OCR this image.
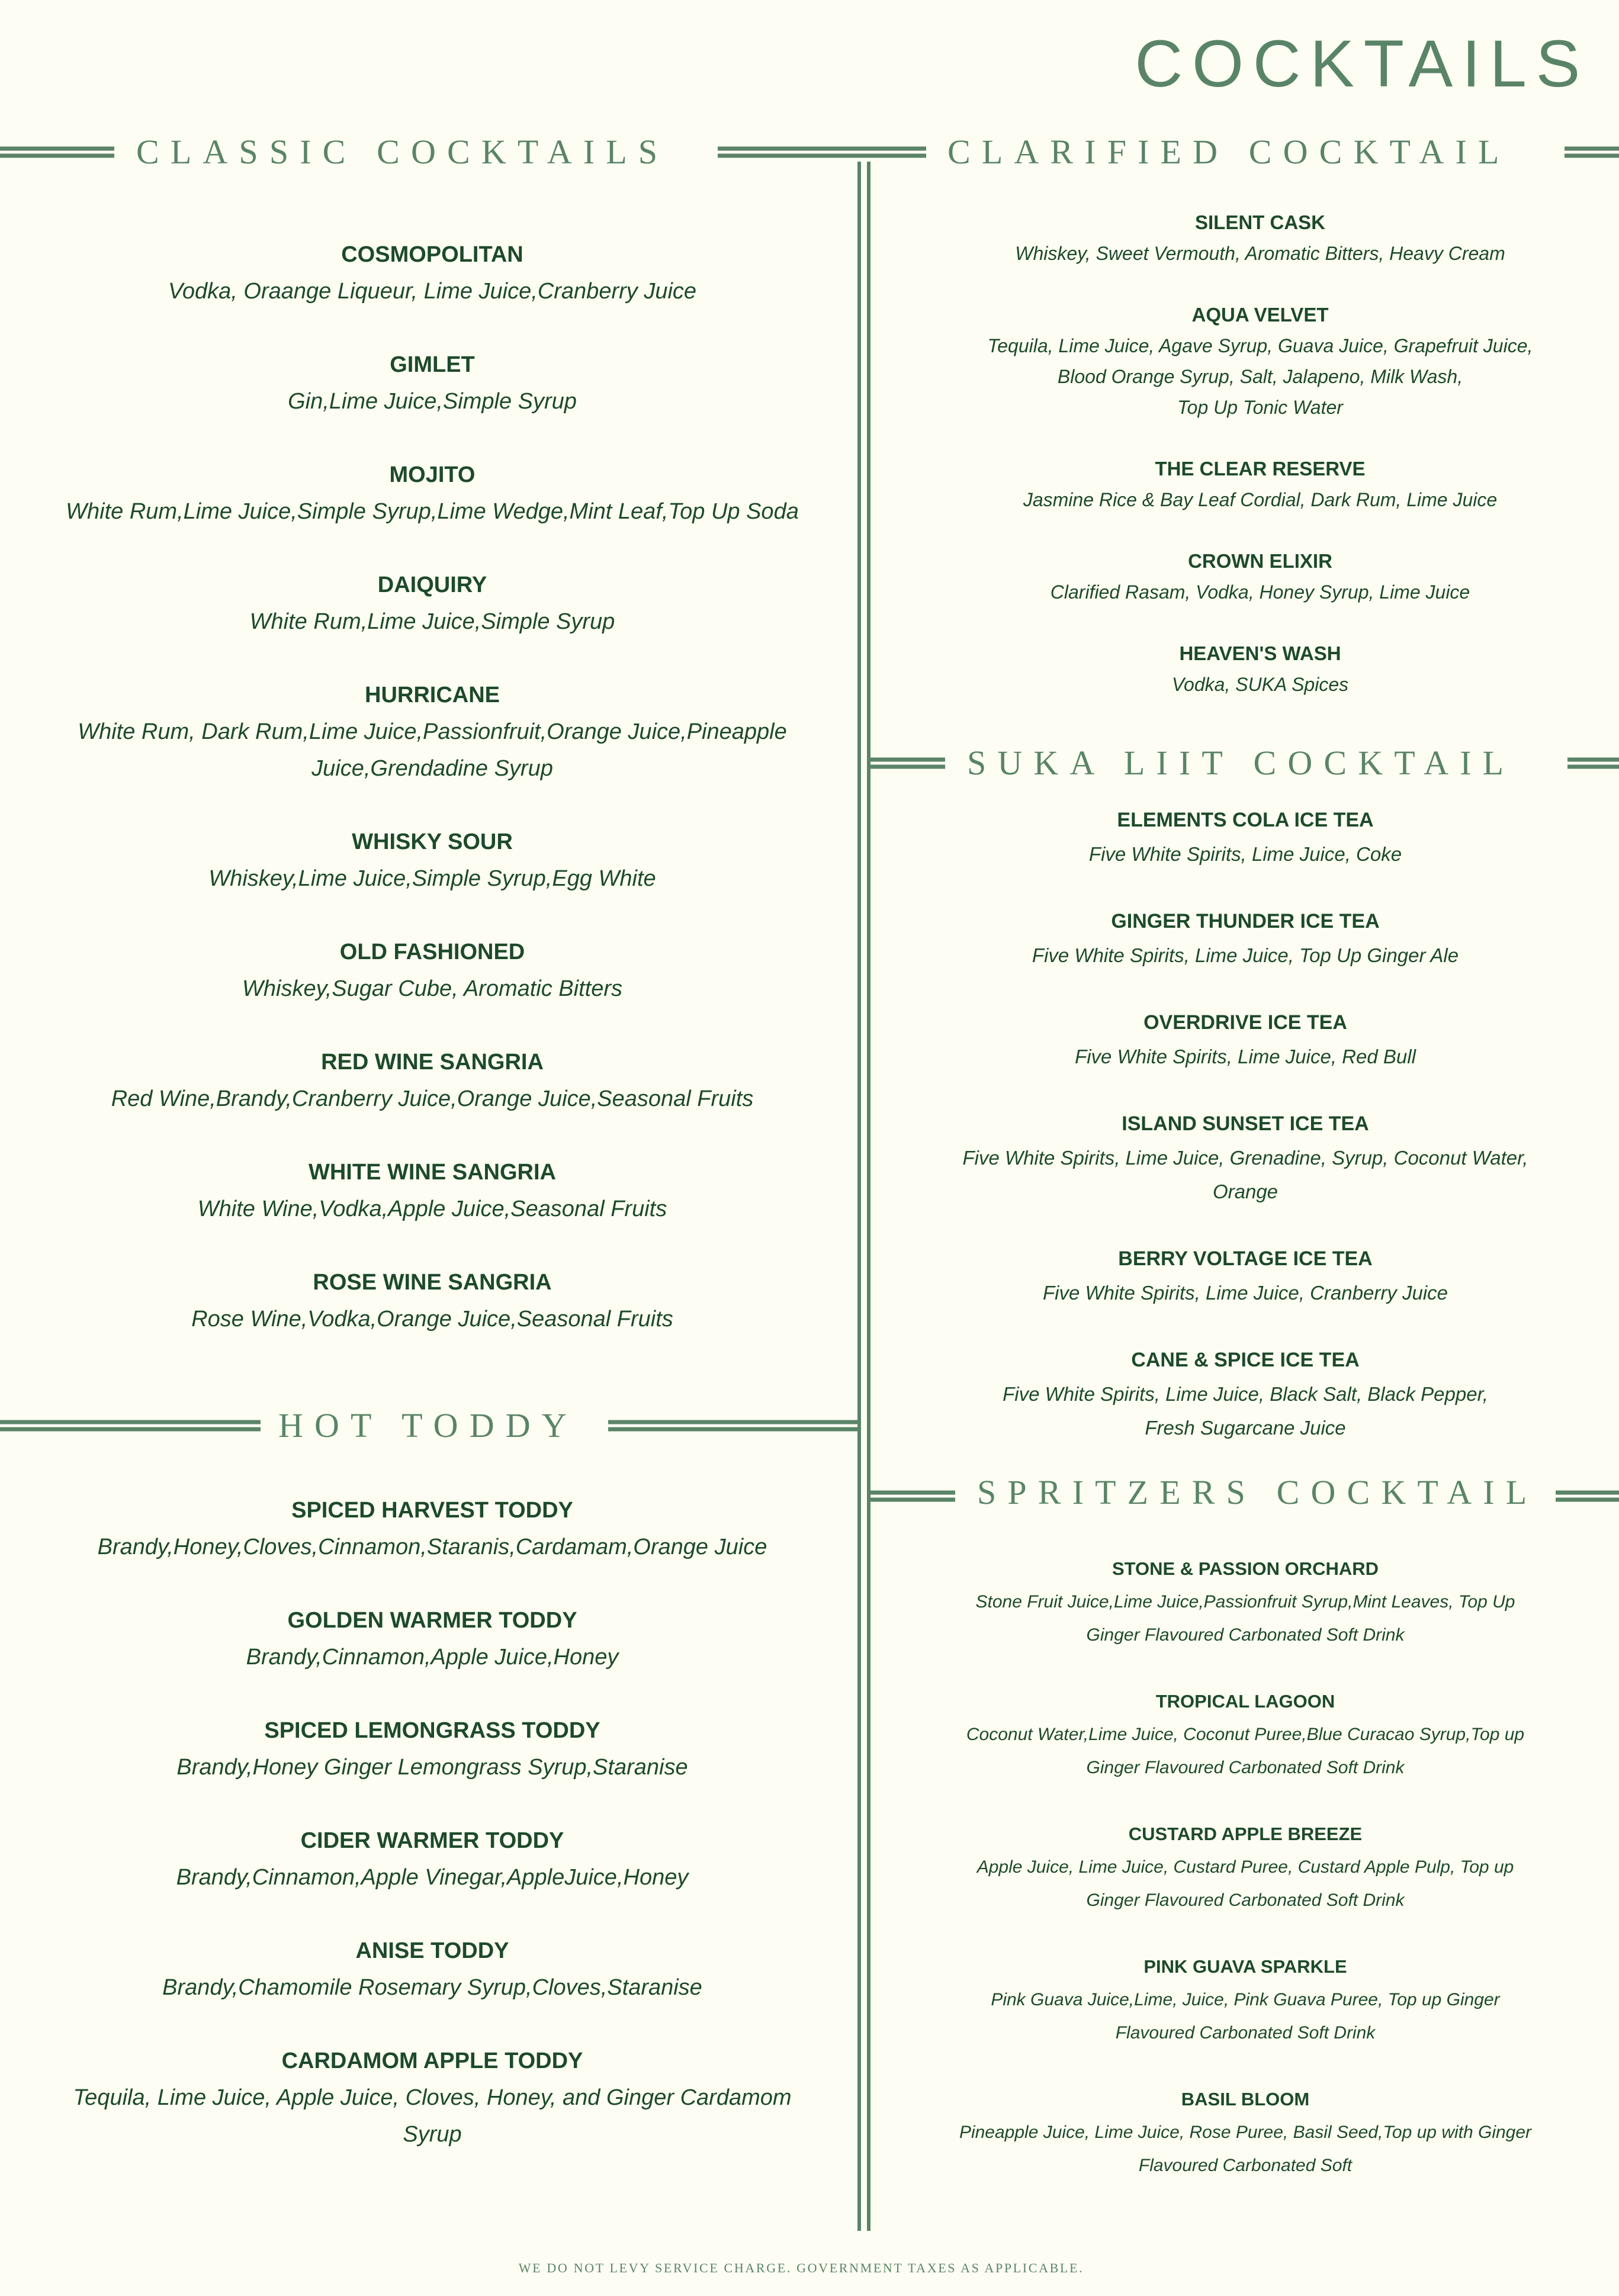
COCKTAILS
CLASSIC COCKTAILS	CLARIFIED COCKTAIL
HOT TODDY
SUKA LIIT COCKTAIL
SPRITZERS COCKTAIL
COSMOPOLITAN
Vodka, Oraange Liqueur, Lime Juice,Cranberry Juice
GIMLET
Gin,Lime Juice,Simple Syrup
MOJITO
White Rum,Lime Juice,Simple Syrup,Lime Wedge,Mint Leaf,Top Up Soda
DAIQUIRY
White Rum,Lime Juice,Simple Syrup
HURRICANE
White Rum, Dark Rum,Lime Juice,Passionfruit,Orange Juice,Pineapple
Juice,Grendadine Syrup
WHISKY SOUR
Whiskey,Lime Juice,Simple Syrup,Egg White
OLD FASHIONED
Whiskey,Sugar Cube, Aromatic Bitters
RED WINE SANGRIA
Red Wine,Brandy,Cranberry Juice,Orange Juice,Seasonal Fruits
WHITE WINE SANGRIA
White Wine,Vodka,Apple Juice,Seasonal Fruits
ROSE WINE SANGRIA
Rose Wine,Vodka,Orange Juice,Seasonal Fruits
SPICED HARVEST TODDY
Brandy,Honey,Cloves,Cinnamon,Staranis,Cardamam,Orange Juice
GOLDEN WARMER TODDY
Brandy,Cinnamon,Apple Juice,Honey
SPICED LEMONGRASS TODDY
Brandy,Honey Ginger Lemongrass Syrup,Staranise
CIDER WARMER TODDY
Brandy,Cinnamon,Apple Vinegar,AppleJuice,Honey
ANISE TODDY
Brandy,Chamomile Rosemary Syrup,Cloves,Staranise
CARDAMOM APPLE TODDY
Tequila, Lime Juice, Apple Juice, Cloves, Honey, and Ginger Cardamom
Syrup
SILENT CASK
Whiskey, Sweet Vermouth, Aromatic Bitters, Heavy Cream
AQUA VELVET
Tequila, Lime Juice, Agave Syrup, Guava Juice, Grapefruit Juice,
Blood Orange Syrup, Salt, Jalapeno, Milk Wash,
Top Up Tonic Water
THE CLEAR RESERVE
Jasmine Rice & Bay Leaf Cordial, Dark Rum, Lime Juice
CROWN ELIXIR
Clarified Rasam, Vodka, Honey Syrup, Lime Juice
HEAVEN'S WASH
Vodka, SUKA Spices
ELEMENTS COLA ICE TEA
Five White Spirits, Lime Juice, Coke
GINGER THUNDER ICE TEA
Five White Spirits, Lime Juice, Top Up Ginger Ale
OVERDRIVE ICE TEA
Five White Spirits, Lime Juice, Red Bull
ISLAND SUNSET ICE TEA
Five White Spirits, Lime Juice, Grenadine, Syrup, Coconut Water,
Orange
BERRY VOLTAGE ICE TEA
Five White Spirits, Lime Juice, Cranberry Juice
CANE & SPICE ICE TEA
Five White Spirits, Lime Juice, Black Salt, Black Pepper,
Fresh Sugarcane Juice
STONE & PASSION ORCHARD
Stone Fruit Juice,Lime Juice,Passionfruit Syrup,Mint Leaves, Top Up
Ginger Flavoured Carbonated Soft Drink
TROPICAL LAGOON
Coconut Water,Lime Juice, Coconut Puree,Blue Curacao Syrup,Top up
Ginger Flavoured Carbonated Soft Drink
CUSTARD APPLE BREEZE
Apple Juice, Lime Juice, Custard Puree, Custard Apple Pulp, Top up
Ginger Flavoured Carbonated Soft Drink
PINK GUAVA SPARKLE
Pink Guava Juice,Lime, Juice, Pink Guava Puree, Top up Ginger
Flavoured Carbonated Soft Drink
BASIL BLOOM
Pineapple Juice, Lime Juice, Rose Puree, Basil Seed,Top up with Ginger
Flavoured Carbonated Soft
WE DO NOT LEVY SERVICE CHARGE. GOVERNMENT TAXES AS APPLICABLE.
